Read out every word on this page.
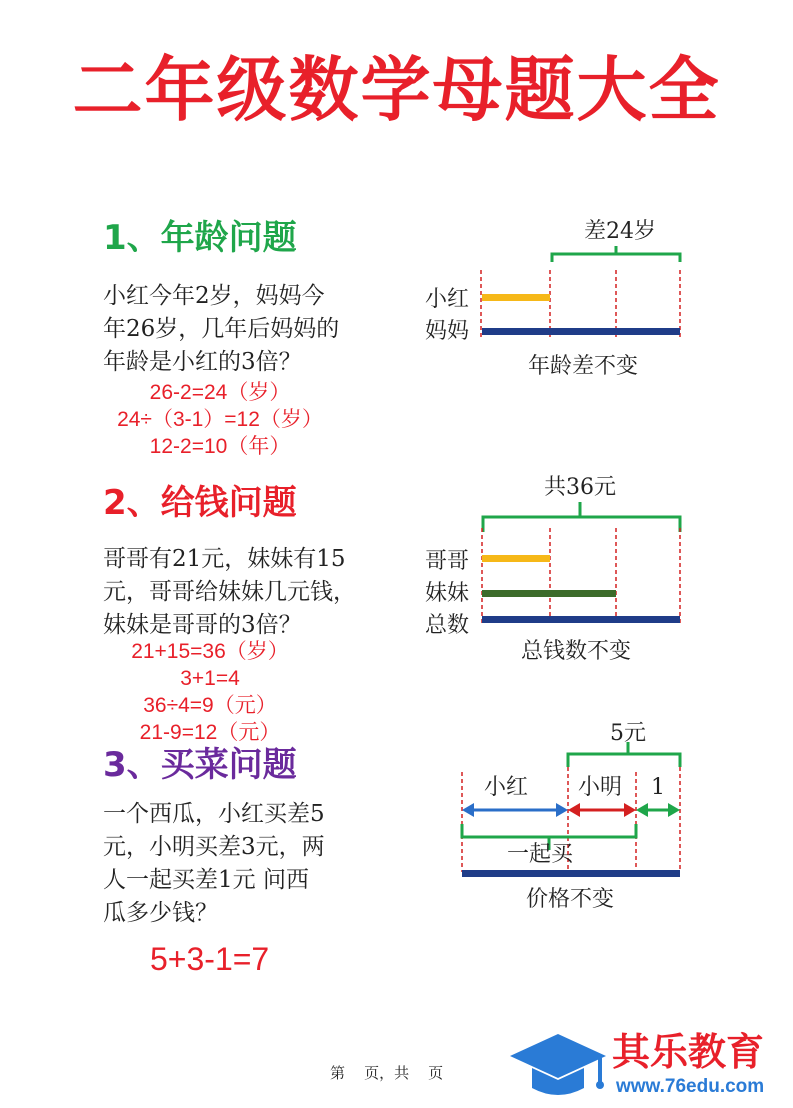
二年级数学母题大全
1、年龄问题
小红今年2岁，妈妈今
年26岁，几年后妈妈的
年龄是小红的3倍？
26-2=24（岁）
24÷（3-1）=12（岁）
12-2=10（年）
2、给钱问题
哥哥有21元，妹妹有15
元，哥哥给妹妹几元钱，
妹妹是哥哥的3倍？
21+15=36（岁）
3+1=4
36÷4=9（元）
21-9=12（元）
3、买菜问题
一个西瓜，小红买差5
元，小明买差3元，两
人一起买差1元 问西
瓜多少钱？
5+3-1=7
差24岁
小红
妈妈
年龄差不变
共36元
哥哥
妹妹
总数
总钱数不变
5元
小红 小明 1
一起买
价格不变
第    页，共    页	其乐教育
www.76edu.com
